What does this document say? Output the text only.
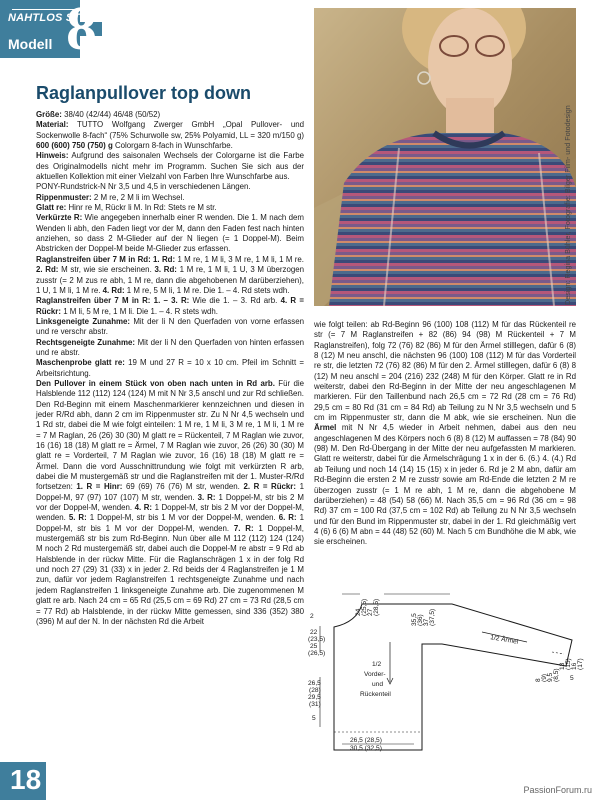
NAHTLOS STRICKEN
Modell 8
Raglanpullover top down
Design: Regina Bühler, Fotografie: Bilger Film- und Fotodesign

Größe: 38/40 (42/44) 46/48 (50/52)

Material: TUTTO Wolfgang Zwerger GmbH „Opal Pullover- und Sockenwolle 8-fach“ (75% Schurwolle sw, 25% Polyamid, LL = 320 m/150 g) 600 (600) 750 (750) g Colorgarn 8-fach in Wunschfarbe.

Hinweis: Aufgrund des saisonalen Wechsels der Colorgarne ist die Farbe des Originalmodells nicht mehr im Programm. Suchen Sie sich aus der aktuellen Kollektion mit einer Vielzahl von Farben Ihre Wunschfarbe aus.

PONY-Rundstrick-N Nr 3,5 und 4,5 in verschiedenen Längen.

Rippenmuster: 2 M re, 2 M li im Wechsel.

Glatt re: Hinr re M, Rückr li M. In Rd: Stets re M str.

Verkürzte R: Wie angegeben innerhalb einer R wenden. Die 1. M nach dem Wenden li abh, den Faden liegt vor der M, dann den Faden fest nach hinten anziehen, so dass 2 M-Glieder auf der N liegen (= 1 Doppel-M). Beim Abstricken der Doppel-M beide M-Glieder zus erfassen.

Raglanstreifen über 7 M in Rd: 1. Rd: 1 M re, 1 M li, 3 M re, 1 M li, 1 M re. 2. Rd: M str, wie sie erscheinen. 3. Rd: 1 M re, 1 M li, 1 U, 3 M überzogen zusstr (= 2 M zus re abh, 1 M re, dann die abgehobenen M darüberziehen), 1 U, 1 M li, 1 M re. 4. Rd: 1 M re, 5 M li, 1 M re. Die 1. – 4. Rd stets wdh.

Raglanstreifen über 7 M in R: 1. – 3. R: Wie die 1. – 3. Rd arb. 4. R = Rückr: 1 M li, 5 M re, 1 M li. Die 1. – 4. R stets wdh.

Linksgeneigte Zunahme: Mit der li N den Querfaden von vorne erfassen und re verschr abstr.

Rechtsgeneigte Zunahme: Mit der li N den Querfaden von hinten erfassen und re abstr.

Maschenprobe glatt re: 19 M und 27 R = 10 x 10 cm. Pfeil im Schnitt = Arbeitsrichtung.

Den Pullover in einem Stück von oben nach unten in Rd arb. Für die Halsblende 112 (112) 124 (124) M mit N Nr 3,5 anschl und zur Rd schließen. Den Rd-Beginn mit einem Maschenmarkierer kennzeichnen und diesen in jeder R/Rd abh, dann 2 cm im Rippenmuster str. Zu N Nr 4,5 wechseln und 1 Rd str, dabei die M wie folgt einteilen: 1 M re, 1 M li, 3 M re, 1 M li, 1 M re = 7 M Raglan, 26 (26) 30 (30) M glatt re = Rückenteil, 7 M Raglan wie zuvor, 16 (16) 18 (18) M glatt re = Ärmel, 7 M Raglan wie zuvor, 26 (26) 30 (30) M glatt re = Vorderteil, 7 M Raglan wie zuvor, 16 (16) 18 (18) M glatt re = Ärmel. Dann die vord Ausschnittrundung wie folgt mit verkürzten R arb, dabei die M mustergemäß str und die Raglanstreifen mit der 1. Muster-R/Rd fortsetzen: 1. R = Hinr: 69 (69) 76 (76) M str, wenden. 2. R = Rückr: 1 Doppel-M, 97 (97) 107 (107) M str, wenden. 3. R: 1 Doppel-M, str bis 2 M vor der Doppel-M, wenden. 4. R: 1 Doppel-M, str bis 2 M vor der Doppel-M, wenden. 5. R: 1 Doppel-M, str bis 1 M vor der Doppel-M, wenden. 6. R: 1 Doppel-M, str bis 1 M vor der Doppel-M, wenden. 7. R: 1 Doppel-M, mustergemäß str bis zum Rd-Beginn. Nun über alle M 112 (112) 124 (124) M noch 2 Rd mustergemäß str, dabei auch die Doppel-M re abstr = 9 Rd ab Halsblende in der rückw Mitte. Für die Raglanschrägen 1 x in der folg Rd und noch 27 (29) 31 (33) x in jeder 2. Rd beids der 4 Raglanstreifen je 1 M zun, dafür vor jedem Raglanstreifen 1 rechtsgeneigte Zunahme und nach jedem Raglanstreifen 1 linksgeneigte Zunahme arb. Die zugenommenen M glatt re arb. Nach 24 cm = 65 Rd (25,5 cm = 69 Rd) 27 cm = 73 Rd (28,5 cm = 77 Rd) ab Halsblende, in der rückw Mitte gemessen, sind 336 (352) 380 (396) M auf der N. In der nächsten Rd die Arbeit

wie folgt teilen: ab Rd-Beginn 96 (100) 108 (112) M für das Rückenteil re str (= 7 M Raglanstreifen + 82 (86) 94 (98) M Rückenteil + 7 M Raglanstreifen), folg 72 (76) 82 (86) M für den Ärmel stilllegen, dafür 6 (8) 8 (12) M neu anschl, die nächsten 96 (100) 108 (112) M für das Vorderteil re str, die letzten 72 (76) 82 (86) M für den 2. Ärmel stilllegen, dafür 6 (8) 8 (12) M neu anschl = 204 (216) 232 (248) M für den Körper. Glatt re in Rd weiterstr, dabei den Rd-Beginn in der Mitte der neu angeschlagenen M markieren. Für den Taillenbund nach 26,5 cm = 72 Rd (28 cm = 76 Rd) 29,5 cm = 80 Rd (31 cm = 84 Rd) ab Teilung zu N Nr 3,5 wechseln und 5 cm im Rippenmuster str, dann die M abk, wie sie erscheinen. Nun die Ärmel mit N Nr 4,5 wieder in Arbeit nehmen, dabei aus den neu angeschlagenen M des Körpers noch 6 (8) 8 (12) M auffassen = 78 (84) 90 (98) M. Den Rd-Übergang in der Mitte der neu aufgefassten M markieren. Glatt re weiterstr, dabei für die Ärmelschrägung 1 x in der 6. (6.) 4. (4.) Rd ab Teilung und noch 14 (14) 15 (15) x in jeder 6. Rd je 2 M abn, dafür am Rd-Beginn die ersten 2 M re zusstr sowie am Rd-Ende die letzten 2 M re überzogen zusstr (= 1 M re abh, 1 M re, dann die abgehobene M darüberziehen) = 48 (54) 58 (66) M. Nach 35,5 cm = 96 Rd (36 cm = 98 Rd) 37 cm = 100 Rd (37,5 cm = 102 Rd) ab Teilung zu N Nr 3,5 wechseln und für den Bund im Rippenmuster str, dabei in der 1. Rd gleichmäßig vert 4 (6) 6 (6) M abn = 44 (48) 52 (60) M. Nach 5 cm Bundhöhe die M abk, wie sie erscheinen.

24 (25,5) 27 (28,5)
35,5 (36) 37 (37,5)
22
(23,5)
25
(26,5)
2
1/2 Ärmel
1/2
Vorder-
und
Rückenteil
26,5
(28)
29,5
(31)
5
26,5 (28,5)
30,5 (32,5)
8 (9) 9,5 (8,5)
13 (15) 16 (17)
5
18	PassionForum.ru
